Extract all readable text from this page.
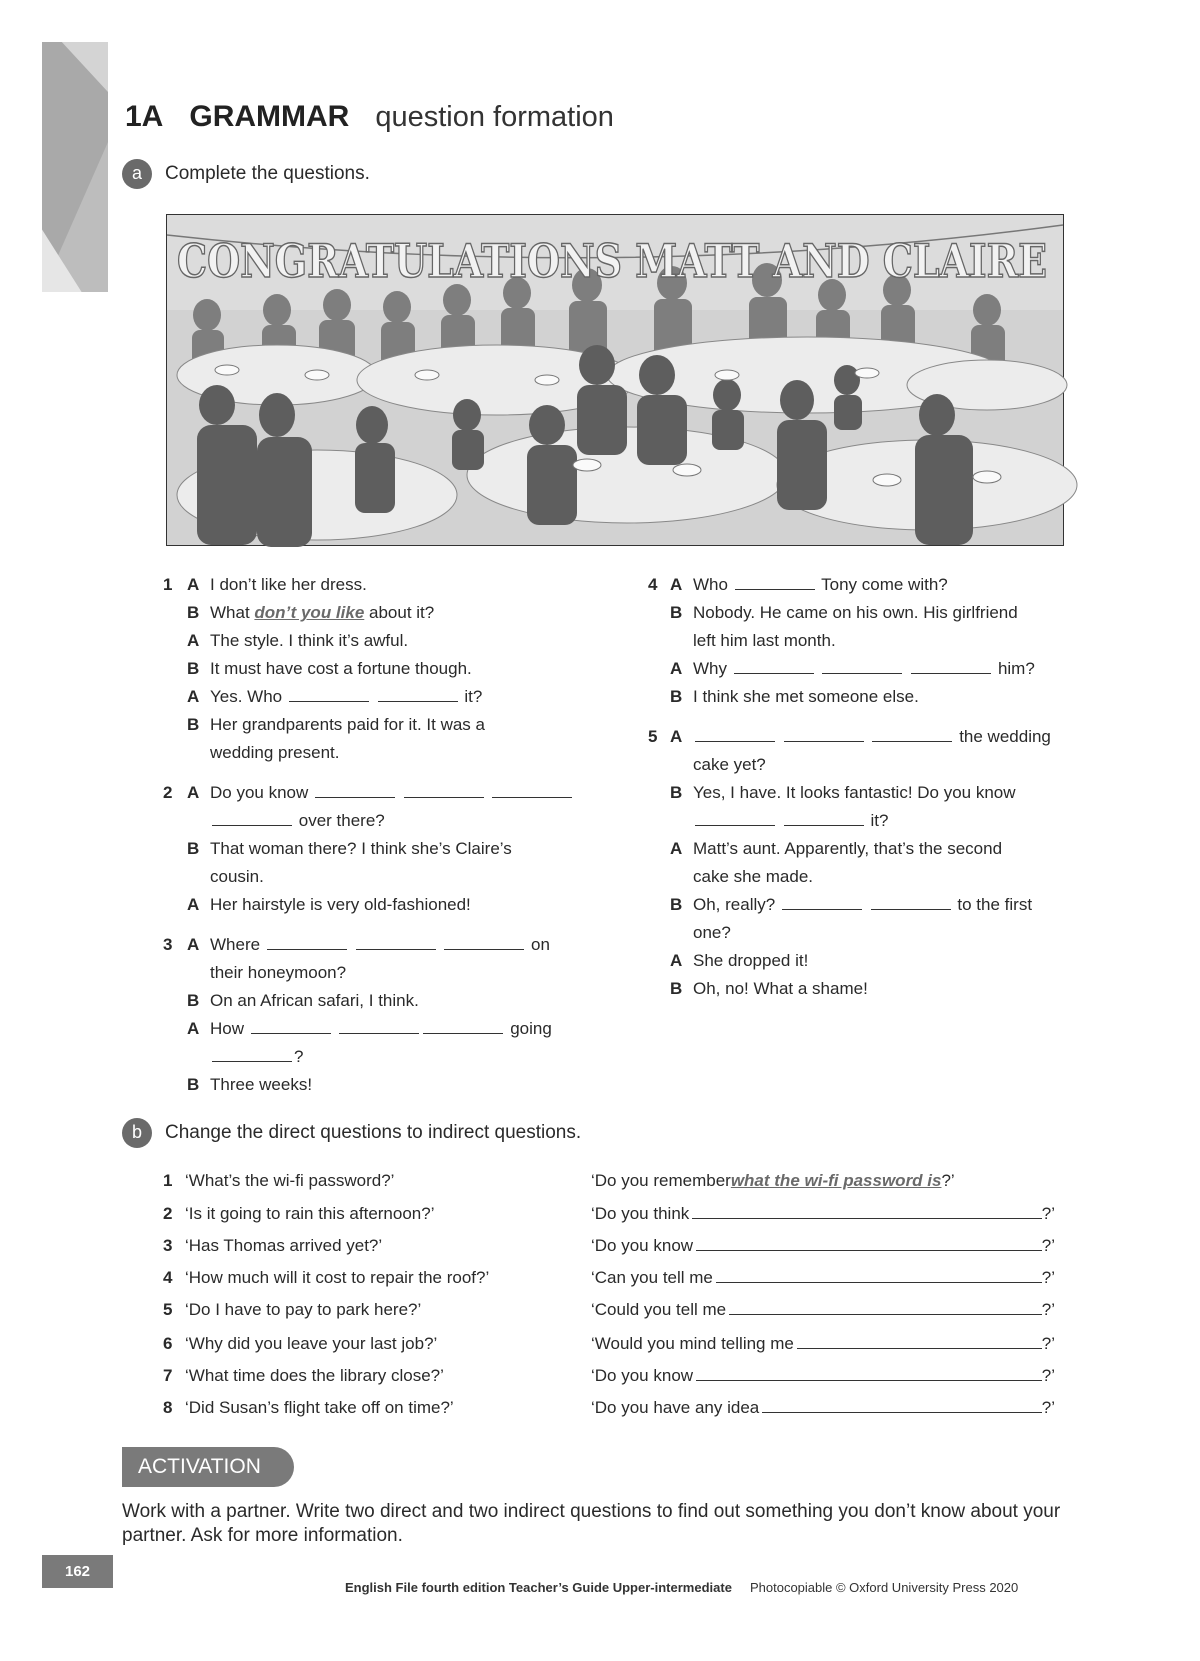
1A GRAMMAR question formation
a	Complete the questions.
CONGRATULATIONS MATT AND CLAIRE
1 A I don’t like her dress.
B What don’t you like about it?
A The style. I think it’s awful.
B It must have cost a fortune though.
A Yes. Who	it?
B Her grandparents paid for it. It was a
wedding present.
2 A Do you know
over there?
B That woman there? I think she’s Claire’s
cousin.
A Her hairstyle is very old-fashioned!
3 A Where	on
their honeymoon?
B On an African safari, I think.
A How	going
?
B Three weeks!
4 A Who	Tony come with?
B Nobody. He came on his own. His girlfriend
left him last month.
A Why	him?
B I think she met someone else.
5 A	the wedding
cake yet?
B Yes, I have. It looks fantastic! Do you know
it?
A Matt’s aunt. Apparently, that’s the second
cake she made.
B Oh, really?	to the first
one?
A She dropped it!
B Oh, no! What a shame!
b	Change the direct questions to indirect questions.
1 ‘What’s the wi-fi password?’	‘Do you remember what the wi-fi password is ?’
2 ‘Is it going to rain this afternoon?’	‘Do you think	?’
3 ‘Has Thomas arrived yet?’	‘Do you know	?’
4 ‘How much will it cost to repair the roof?’	‘Can you tell me	?’
5 ‘Do I have to pay to park here?’	‘Could you tell me	?’
6 ‘Why did you leave your last job?’	‘Would you mind telling me	?’
7 ‘What time does the library close?’	‘Do you know	?’
8 ‘Did Susan’s flight take off on time?’	‘Do you have any idea	?’
ACTIVATION
Work with a partner. Write two direct and two indirect questions to find out something you don’t know about your partner. Ask for more information.
162
English File fourth edition Teacher’s Guide Upper-intermediate Photocopiable © Oxford University Press 2020
